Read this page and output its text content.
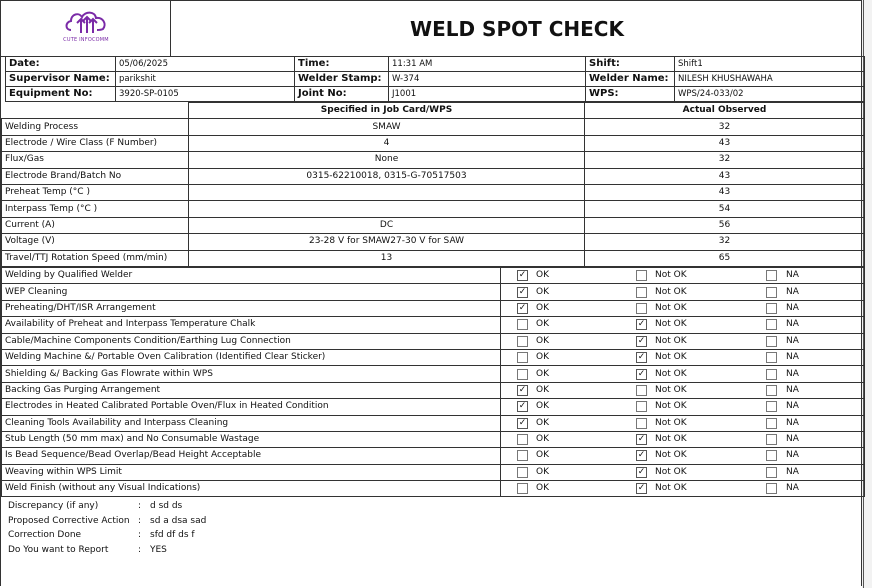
CUTE INFOCOMM	WELD SPOT CHECK
Date:	05/06/2025	Time:	11:31 AM	Shift:	Shift1
Supervisor Name:	parikshit	Welder Stamp:	W-374	Welder Name:	NILESH KHUSHAWAHA
Equipment No:	3920-SP-0105	Joint No:	J1001	WPS:	WPS/24-033/02
	Specified in Job Card/WPS	Actual Observed
Welding Process	SMAW	32
Electrode / Wire Class (F Number)	4	43
Flux/Gas	None	32
Electrode Brand/Batch No	0315-62210018, 0315-G-70517503	43
Preheat Temp (°C )		43
Interpass Temp (°C )		54
Current (A)	DC	56
Voltage (V)	23-28 V for SMAW27-30 V for SAW	32
Travel/TTJ Rotation Speed (mm/min)	13	65
Welding by Qualified Welder	✓ OK Not OK NA

WEP Cleaning	✓ OK Not OK NA

Preheating/DHT/ISR Arrangement	✓ OK Not OK NA

Availability of Preheat and Interpass Temperature Chalk	OK ✓ Not OK NA

Cable/Machine Components Condition/Earthing Lug Connection	OK ✓ Not OK NA

Welding Machine &/ Portable Oven Calibration (Identified Clear Sticker)	OK ✓ Not OK NA

Shielding &/ Backing Gas Flowrate within WPS	OK ✓ Not OK NA

Backing Gas Purging Arrangement	✓ OK Not OK NA

Electrodes in Heated Calibrated Portable Oven/Flux in Heated Condition	✓ OK Not OK NA

Cleaning Tools Availability and Interpass Cleaning	✓ OK Not OK NA

Stub Length (50 mm max) and No Consumable Wastage	OK ✓ Not OK NA

Is Bead Sequence/Bead Overlap/Bead Height Acceptable	OK ✓ Not OK NA

Weaving within WPS Limit	OK ✓ Not OK NA

Weld Finish (without any Visual Indications)	OK ✓ Not OK NA
Discrepancy (if any)	: d sd ds
Proposed Corrective Action : sd a dsa sad
Correction Done	: sfd df ds f
Do You want to Report	: YES
